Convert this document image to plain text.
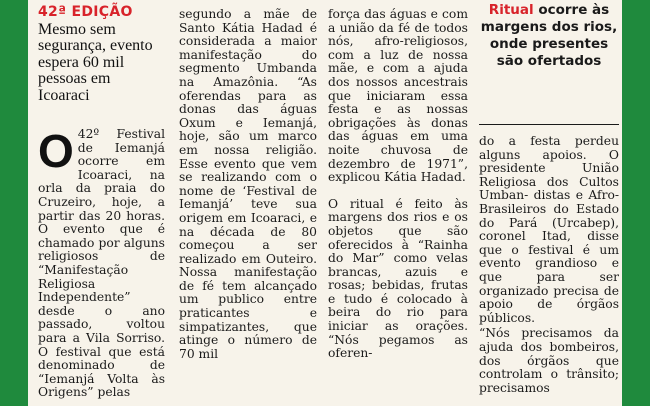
42ª EDIÇÃO
Mesmo sem segurança, evento espera 60 mil pessoas em Icoaraci
O 42º Festival de Iemanjá ocorre em Icoaraci, na orla da praia do Cruzeiro, hoje, a partir das 20 horas. O evento que é chamado por alguns religiosos de “Manifestação Religiosa Independente” desde o ano passado, voltou para a Vila Sorriso. O festival que está denominado de “Iemanjá Volta às Origens” pelas

segundo a mãe de Santo Kátia Hadad é considerada a maior manifestação do segmento Umbanda na Amazônia. “As oferendas para as donas das águas Oxum e Iemanjá, hoje, são um marco em nossa religião. Esse evento que vem se realizando com o nome de ‘Festival de Iemanjá’ teve sua origem em Icoaraci, e na década de 80 começou a ser realizado em Outeiro. Nossa manifestação de fé tem alcançado um publico entre praticantes e simpatizantes, que atinge o número de 70 mil

força das águas e com a união da fé de todos nós, afro-religiosos, com a luz de nossa mãe, e com a ajuda dos nossos ancestrais que iniciaram essa festa e as nossas obrigações às donas das águas em uma noite chuvosa de dezembro de 1971”, explicou Kátia Hadad.

O ritual é feito às margens dos rios e os objetos que são oferecidos à “Rainha do Mar” como velas brancas, azuis e rosas; bebidas, frutas e tudo é colocado à beira do rio para iniciar as orações. “Nós pegamos as oferen-

Ritual ocorre às margens dos rios, onde presentes são ofertados

do a festa perdeu alguns apoios. O presidente União Religiosa dos Cultos Umban- distas e Afro-Brasileiros do Estado do Pará (Urcabep), coronel Itad, disse que o festival é um evento grandioso e que para ser organizado precisa de apoio de órgãos públicos.

“Nós precisamos da ajuda dos bombeiros, dos órgãos que controlam o trânsito; precisamos
